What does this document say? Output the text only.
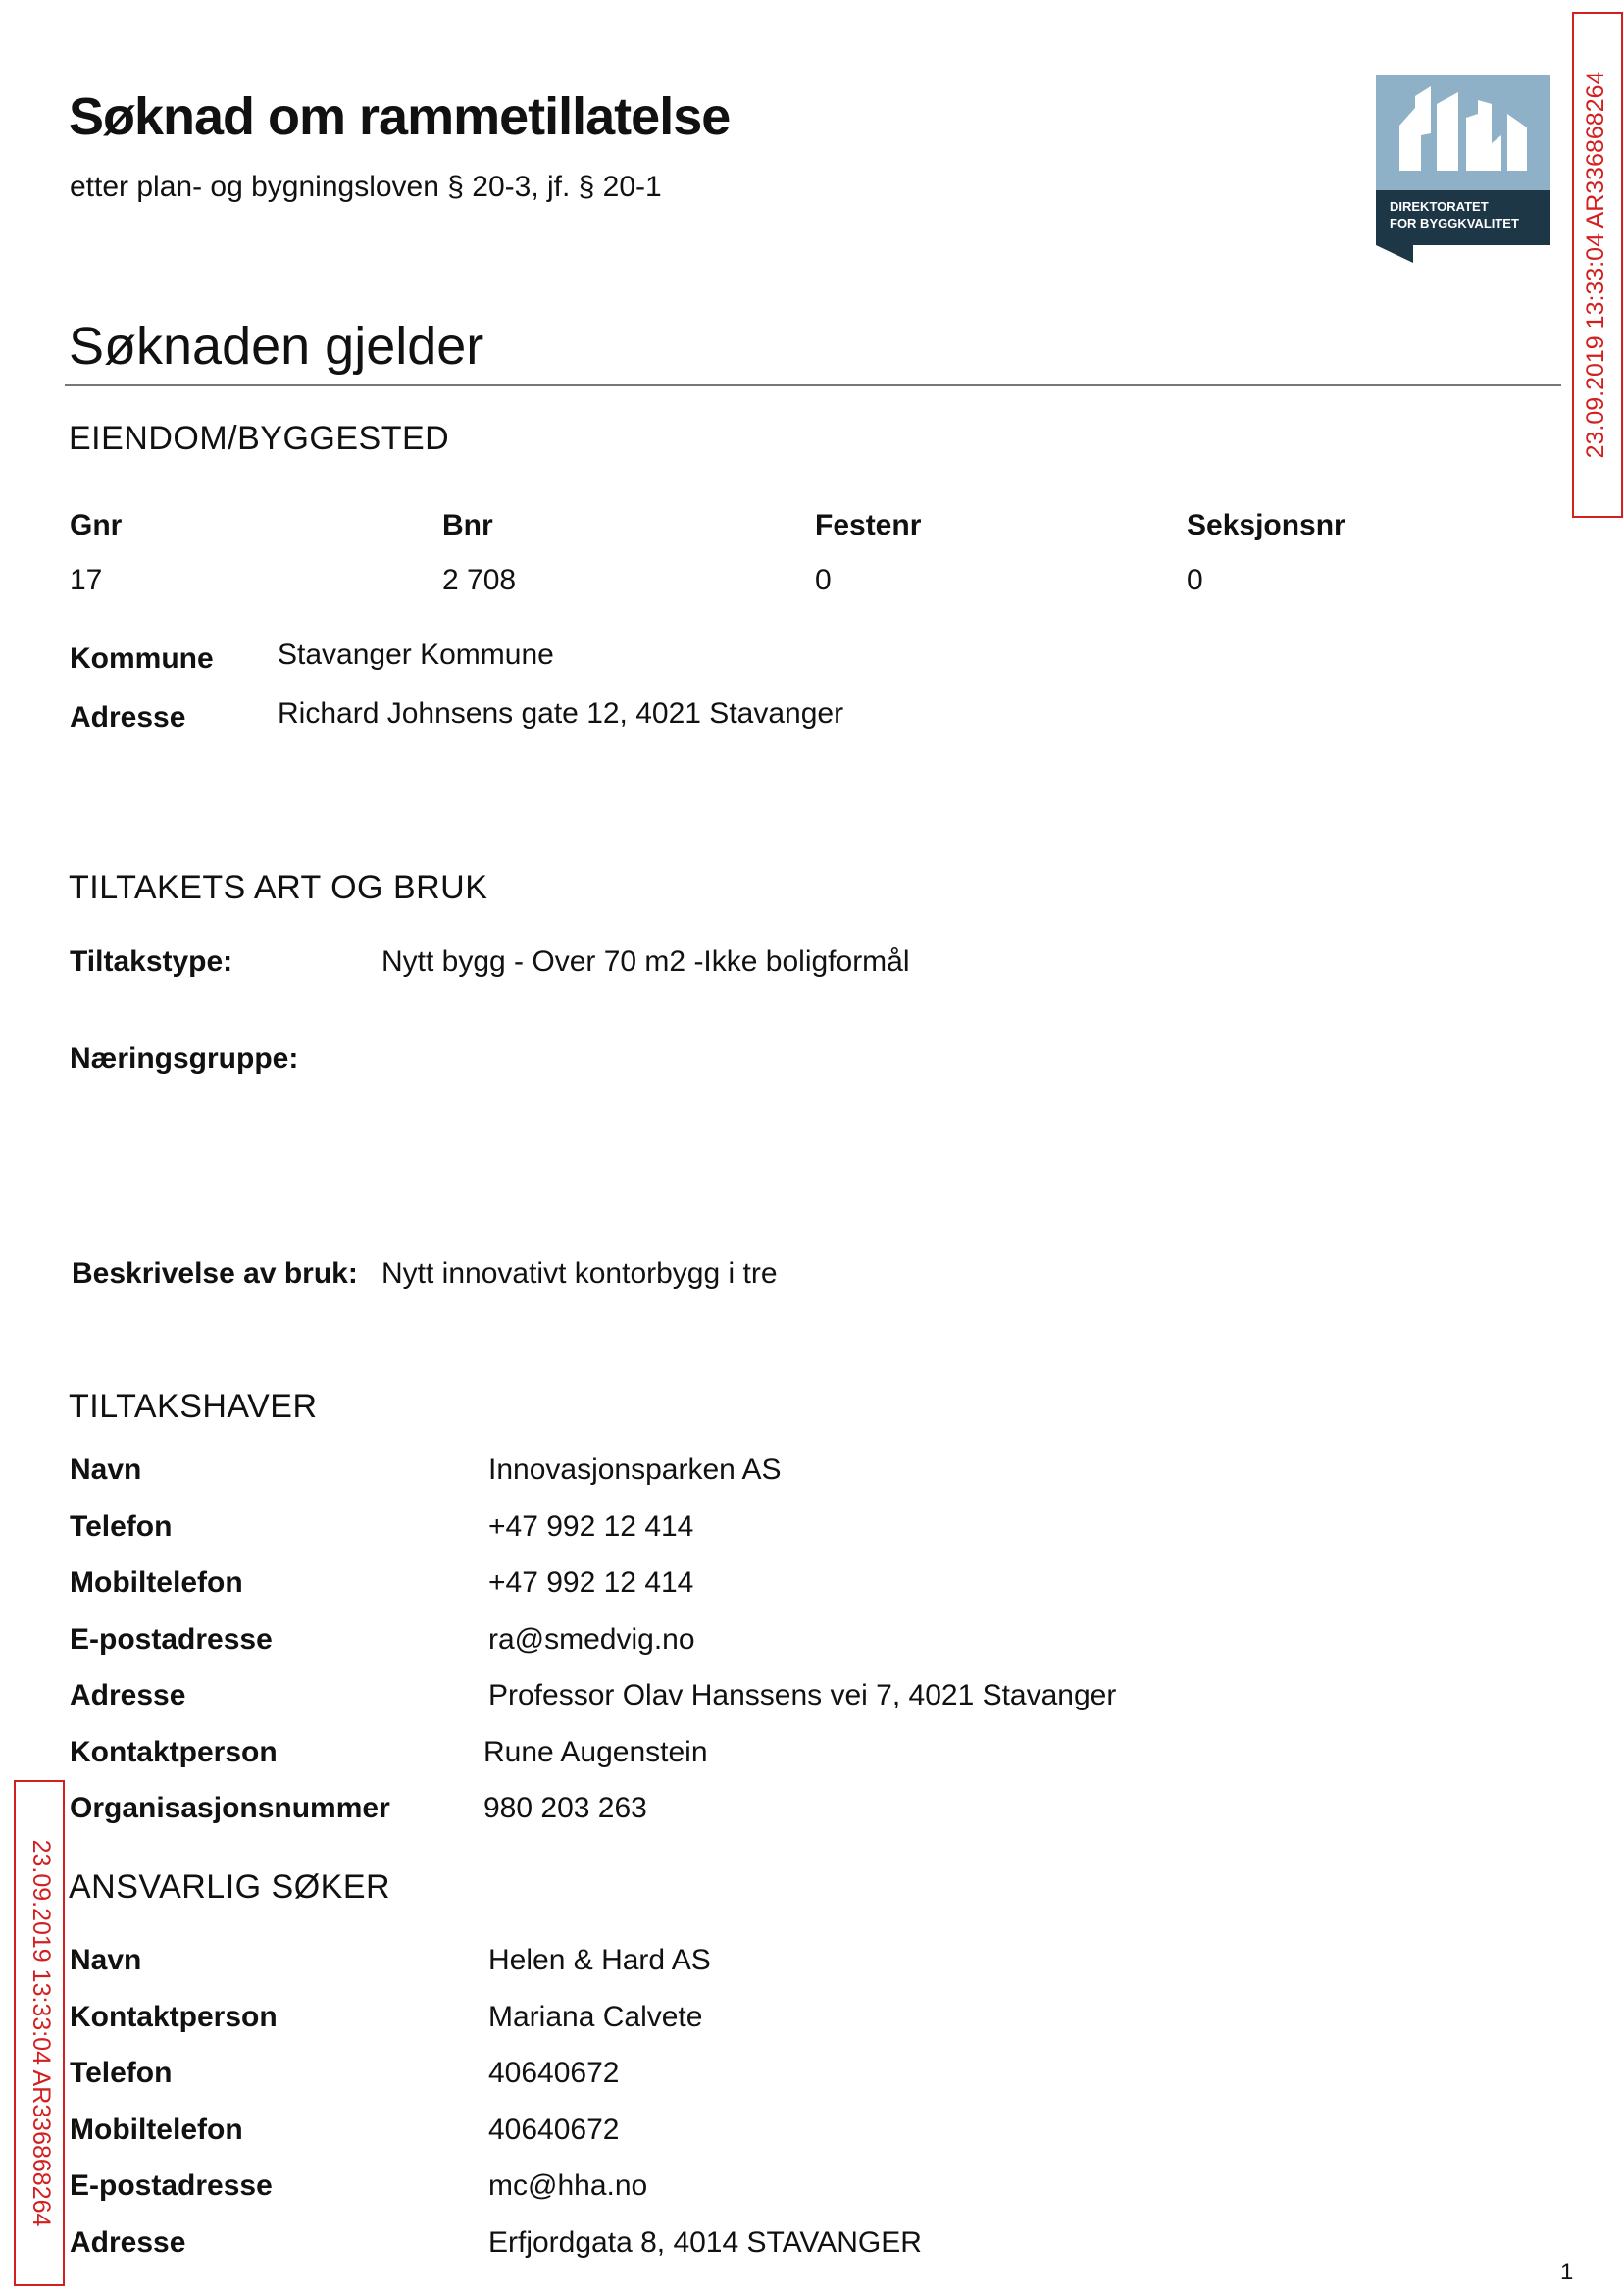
Søknad om rammetillatelse
etter plan- og bygningsloven § 20-3, jf. § 20-1
DIREKTORATET
FOR BYGGKVALITET	23.09.2019 13:33:04 AR336868264
23.09.2019 13:33:04 AR336868264
Søknaden gjelder
EIENDOM/BYGGESTED
Gnr	Bnr	Festenr	Seksjonsnr
17	2 708	0	0
Kommune Stavanger Kommune
Adresse	Richard Johnsens gate 12, 4021 Stavanger
TILTAKETS ART OG BRUK
Tiltakstype:	Nytt bygg - Over 70 m2 -Ikke boligformål
Næringsgruppe:
Beskrivelse av bruk: Nytt innovativt kontorbygg i tre
TILTAKSHAVER
Navn	Innovasjonsparken AS
Telefon	+47 992 12 414
Mobiltelefon	+47 992 12 414
E-postadresse	ra@smedvig.no
Adresse	Professor Olav Hanssens vei 7, 4021 Stavanger
Kontaktperson	Rune Augenstein
Organisasjonsnummer	980 203 263
ANSVARLIG SØKER
Navn	Helen & Hard AS
Kontaktperson	Mariana Calvete
Telefon	40640672
Mobiltelefon	40640672
E-postadresse	mc@hha.no
Adresse	Erfjordgata 8, 4014 STAVANGER
1
